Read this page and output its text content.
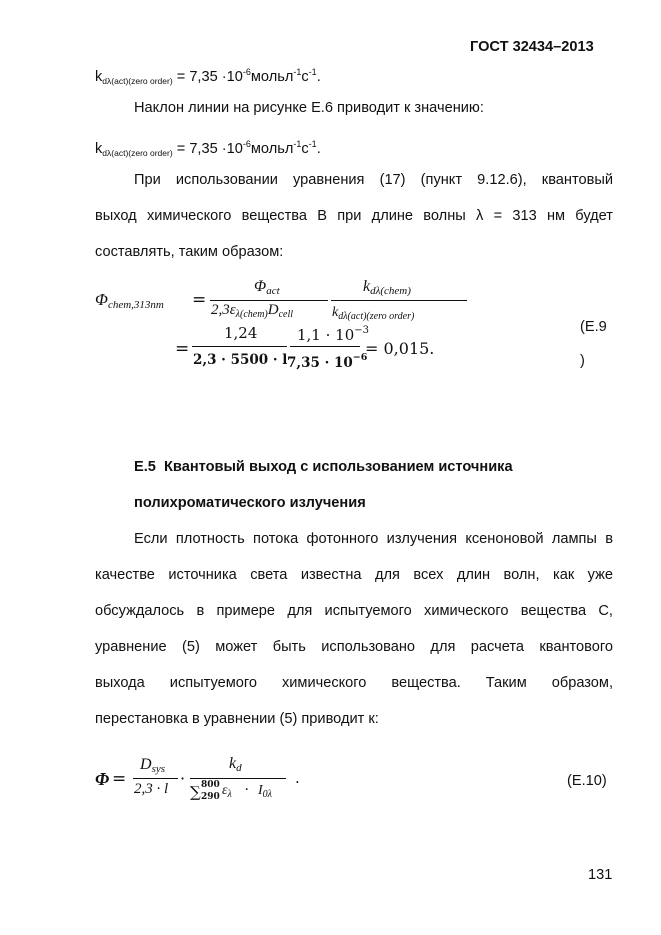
ГОСТ 32434–2013
$k_{d\lambda(act)(zero order)} = 7,35$ $\cdot 10^{-6}мольл^{-1}с^{-1}$.
Наклон линии на рисунке E.6 приводит к значению:
$k_{d\lambda(act)(zero order)} = 7,35$ $\cdot 10^{-6}мольл^{-1}с^{-1}$.
При использовании уравнения (17) (пункт 9.12.6), квантовый
выход химического вещества B при длине волны λ = 313 нм будет
составлять, таким образом:
Φchem,313nm =
Φact
$2,3\varepsilon_{\lambda(chem)}D_{cell}$
kdλ(chem)
$k_{d\lambda(act)(zero order)}$
=
1,24
2,3 · 5500 · l
$1,1 \cdot 10^{-3}$
$7,35 \cdot 10^{-6}$
= 0,015.
(E.9
)
E.5 Квантовый выход с использованием источника
полихроматического излучения
Если плотность потока фотонного излучения ксеноновой лампы в
качестве источника света известна для всех длин волн, как уже
обсуждалось в примере для испытуемого химического вещества C,
уравнение (5) может быть использовано для расчета квантового
выхода испытуемого химического вещества. Таким образом,
перестановка в уравнении (5) приводит к:
Φ =
Dsys
2,3 · l
·
kd
∑ 800
290 $\varepsilon_\lambda \cdot I_{0\lambda}$
.	(E.10)
131
